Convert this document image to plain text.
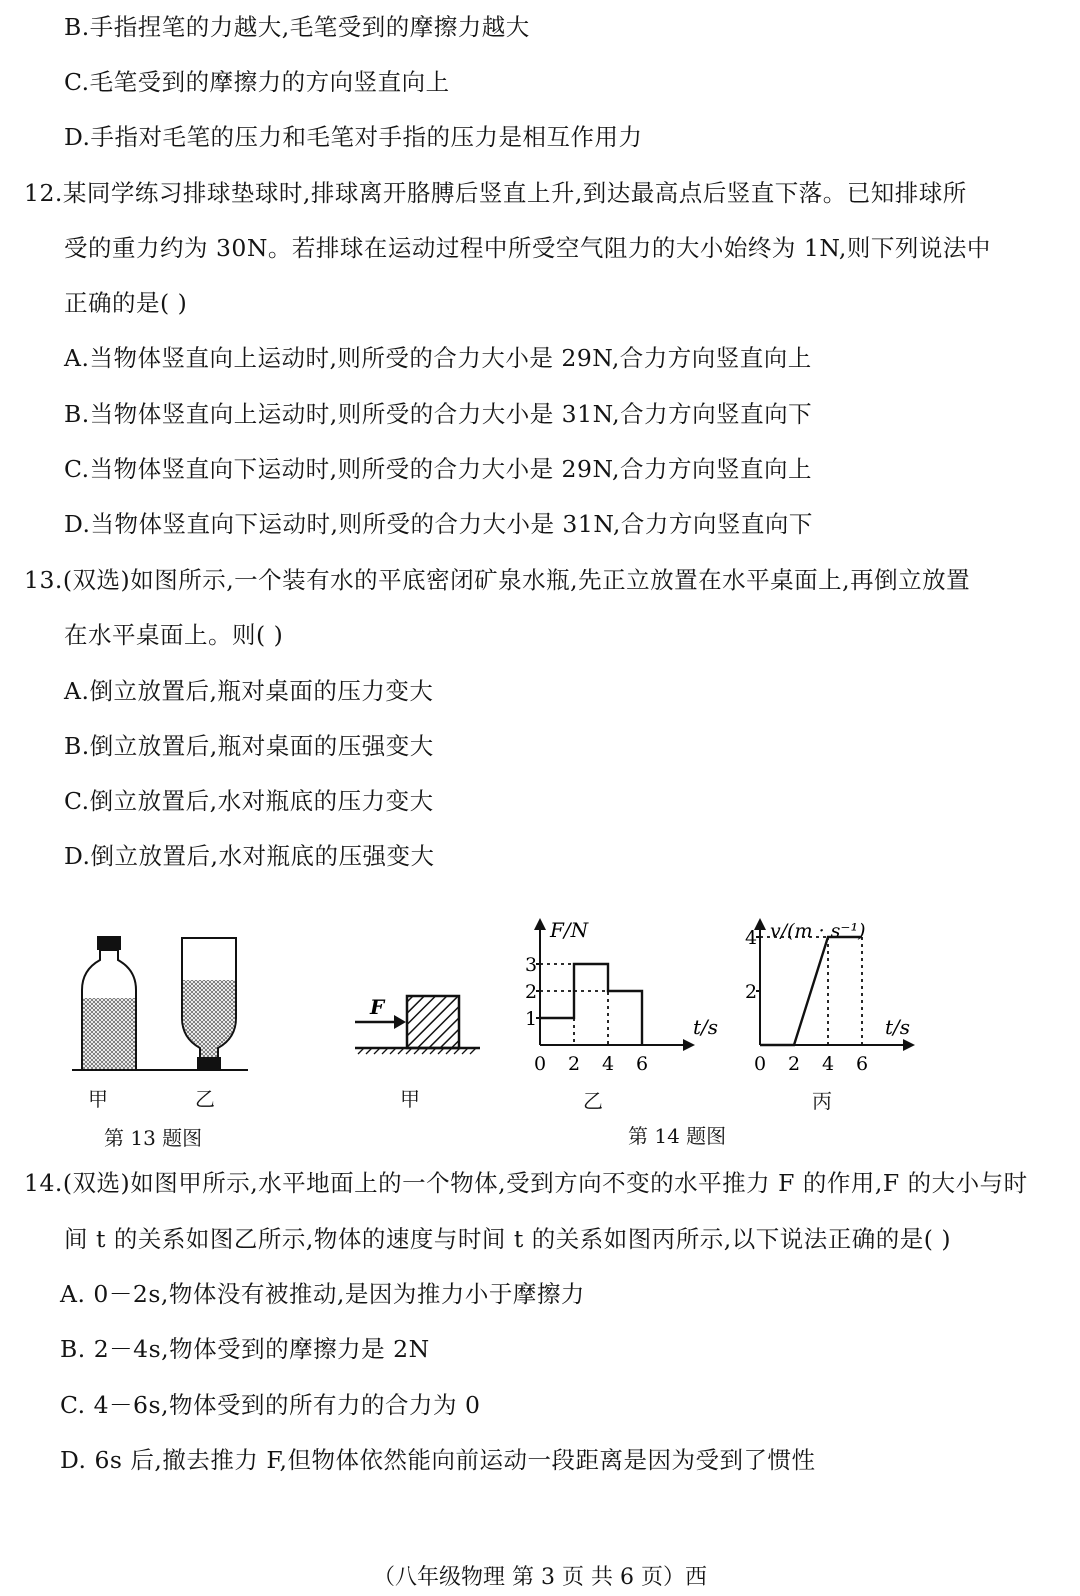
B.手指捏笔的力越大,毛笔受到的摩擦力越大
C.毛笔受到的摩擦力的方向竖直向上
D.手指对毛笔的压力和毛笔对手指的压力是相互作用力
12.某同学练习排球垫球时,排球离开胳膊后竖直上升,到达最高点后竖直下落。已知排球所
受的重力约为 30N。若排球在运动过程中所受空气阻力的大小始终为 1N,则下列说法中
正确的是( )
A.当物体竖直向上运动时,则所受的合力大小是 29N,合力方向竖直向上
B.当物体竖直向上运动时,则所受的合力大小是 31N,合力方向竖直向下
C.当物体竖直向下运动时,则所受的合力大小是 29N,合力方向竖直向上
D.当物体竖直向下运动时,则所受的合力大小是 31N,合力方向竖直向下
13.(双选)如图所示,一个装有水的平底密闭矿泉水瓶,先正立放置在水平桌面上,再倒立放置
在水平桌面上。则( )
A.倒立放置后,瓶对桌面的压力变大
B.倒立放置后,瓶对桌面的压强变大
C.倒立放置后,水对瓶底的压力变大
D.倒立放置后,水对瓶底的压强变大
甲	乙
第 13 题图
F
甲
F/N
t/s
1
2
3
0 2 4 6
乙
v/(m · s⁻¹)
t/s
2
4
0 2 4 6
丙
第 14 题图
14.(双选)如图甲所示,水平地面上的一个物体,受到方向不变的水平推力 F 的作用,F 的大小与时
间 t 的关系如图乙所示,物体的速度与时间 t 的关系如图丙所示,以下说法正确的是( )
A. 0－2s,物体没有被推动,是因为推力小于摩擦力
B. 2－4s,物体受到的摩擦力是 2N
C. 4－6s,物体受到的所有力的合力为 0
D. 6s 后,撤去推力 F,但物体依然能向前运动一段距离是因为受到了惯性
（八年级物理 第 3 页 共 6 页）西
